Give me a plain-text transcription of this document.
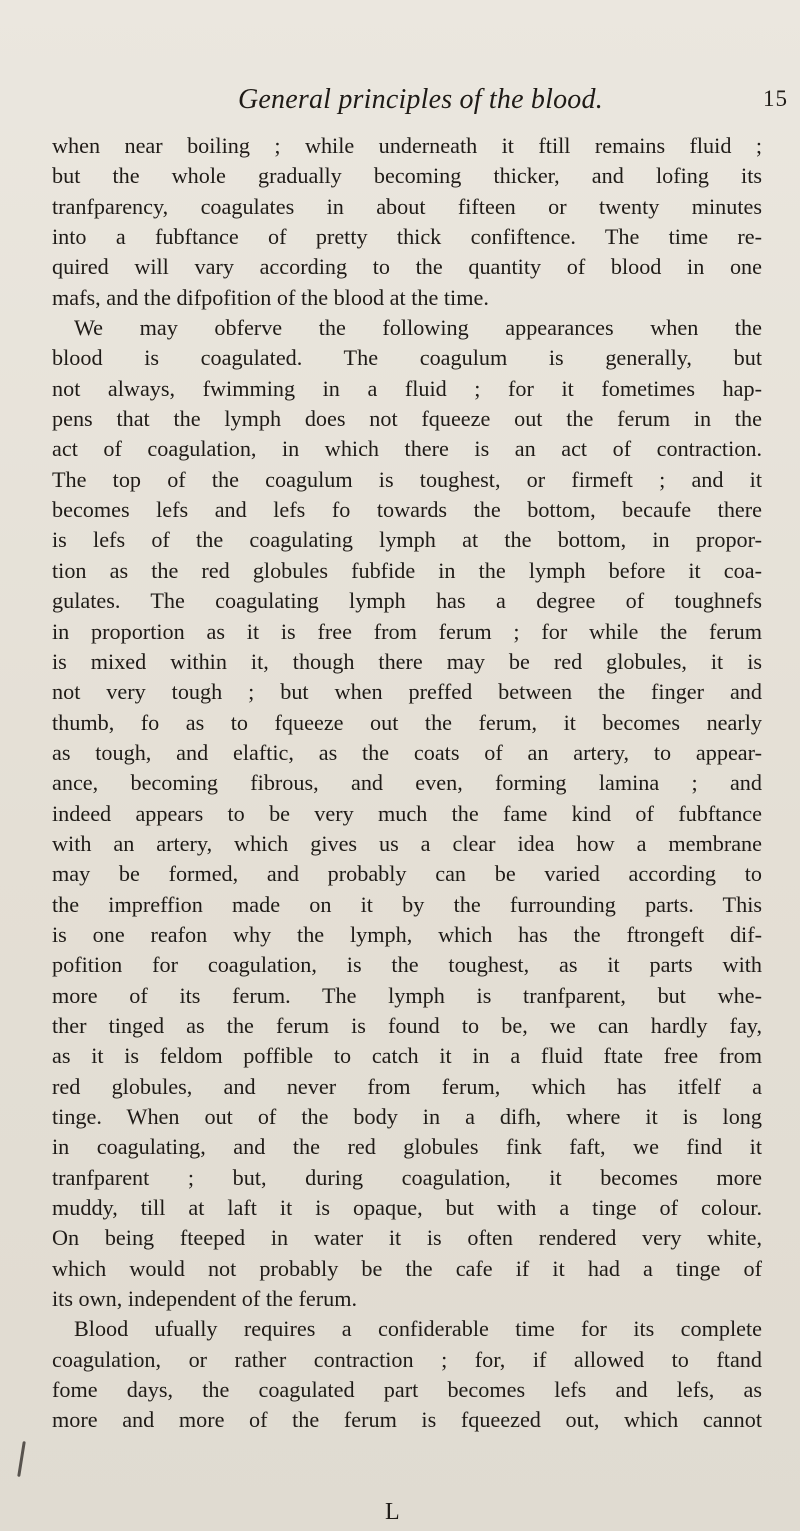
General principles of the blood.	15
when near boiling ; while underneath it ftill remains fluid ;
but the whole gradually becoming thicker, and lofing its
tranfparency, coagulates in about fifteen or twenty minutes
into a fubftance of pretty thick confiftence. The time re-
quired will vary according to the quantity of blood in one
mafs, and the difpofition of the blood at the time.
We may obferve the following appearances when the
blood is coagulated. The coagulum is generally, but
not always, fwimming in a fluid ; for it fometimes hap-
pens that the lymph does not fqueeze out the ferum in the
act of coagulation, in which there is an act of contraction.
The top of the coagulum is toughest, or firmeft ; and it
becomes lefs and lefs fo towards the bottom, becaufe there
is lefs of the coagulating lymph at the bottom, in propor-
tion as the red globules fubfide in the lymph before it coa-
gulates. The coagulating lymph has a degree of toughnefs
in proportion as it is free from ferum ; for while the ferum
is mixed within it, though there may be red globules, it is
not very tough ; but when preffed between the finger and
thumb, fo as to fqueeze out the ferum, it becomes nearly
as tough, and elaftic, as the coats of an artery, to appear-
ance, becoming fibrous, and even, forming lamina ; and
indeed appears to be very much the fame kind of fubftance
with an artery, which gives us a clear idea how a membrane
may be formed, and probably can be varied according to
the impreffion made on it by the furrounding parts. This
is one reafon why the lymph, which has the ftrongeft dif-
pofition for coagulation, is the toughest, as it parts with
more of its ferum. The lymph is tranfparent, but whe-
ther tinged as the ferum is found to be, we can hardly fay,
as it is feldom poffible to catch it in a fluid ftate free from
red globules, and never from ferum, which has itfelf a
tinge. When out of the body in a difh, where it is long
in coagulating, and the red globules fink faft, we find it
tranfparent ; but, during coagulation, it becomes more
muddy, till at laft it is opaque, but with a tinge of colour.
On being fteeped in water it is often rendered very white,
which would not probably be the cafe if it had a tinge of
its own, independent of the ferum.
Blood ufually requires a confiderable time for its complete
coagulation, or rather contraction ; for, if allowed to ftand
fome days, the coagulated part becomes lefs and lefs, as
more and more of the ferum is fqueezed out, which cannot
L
